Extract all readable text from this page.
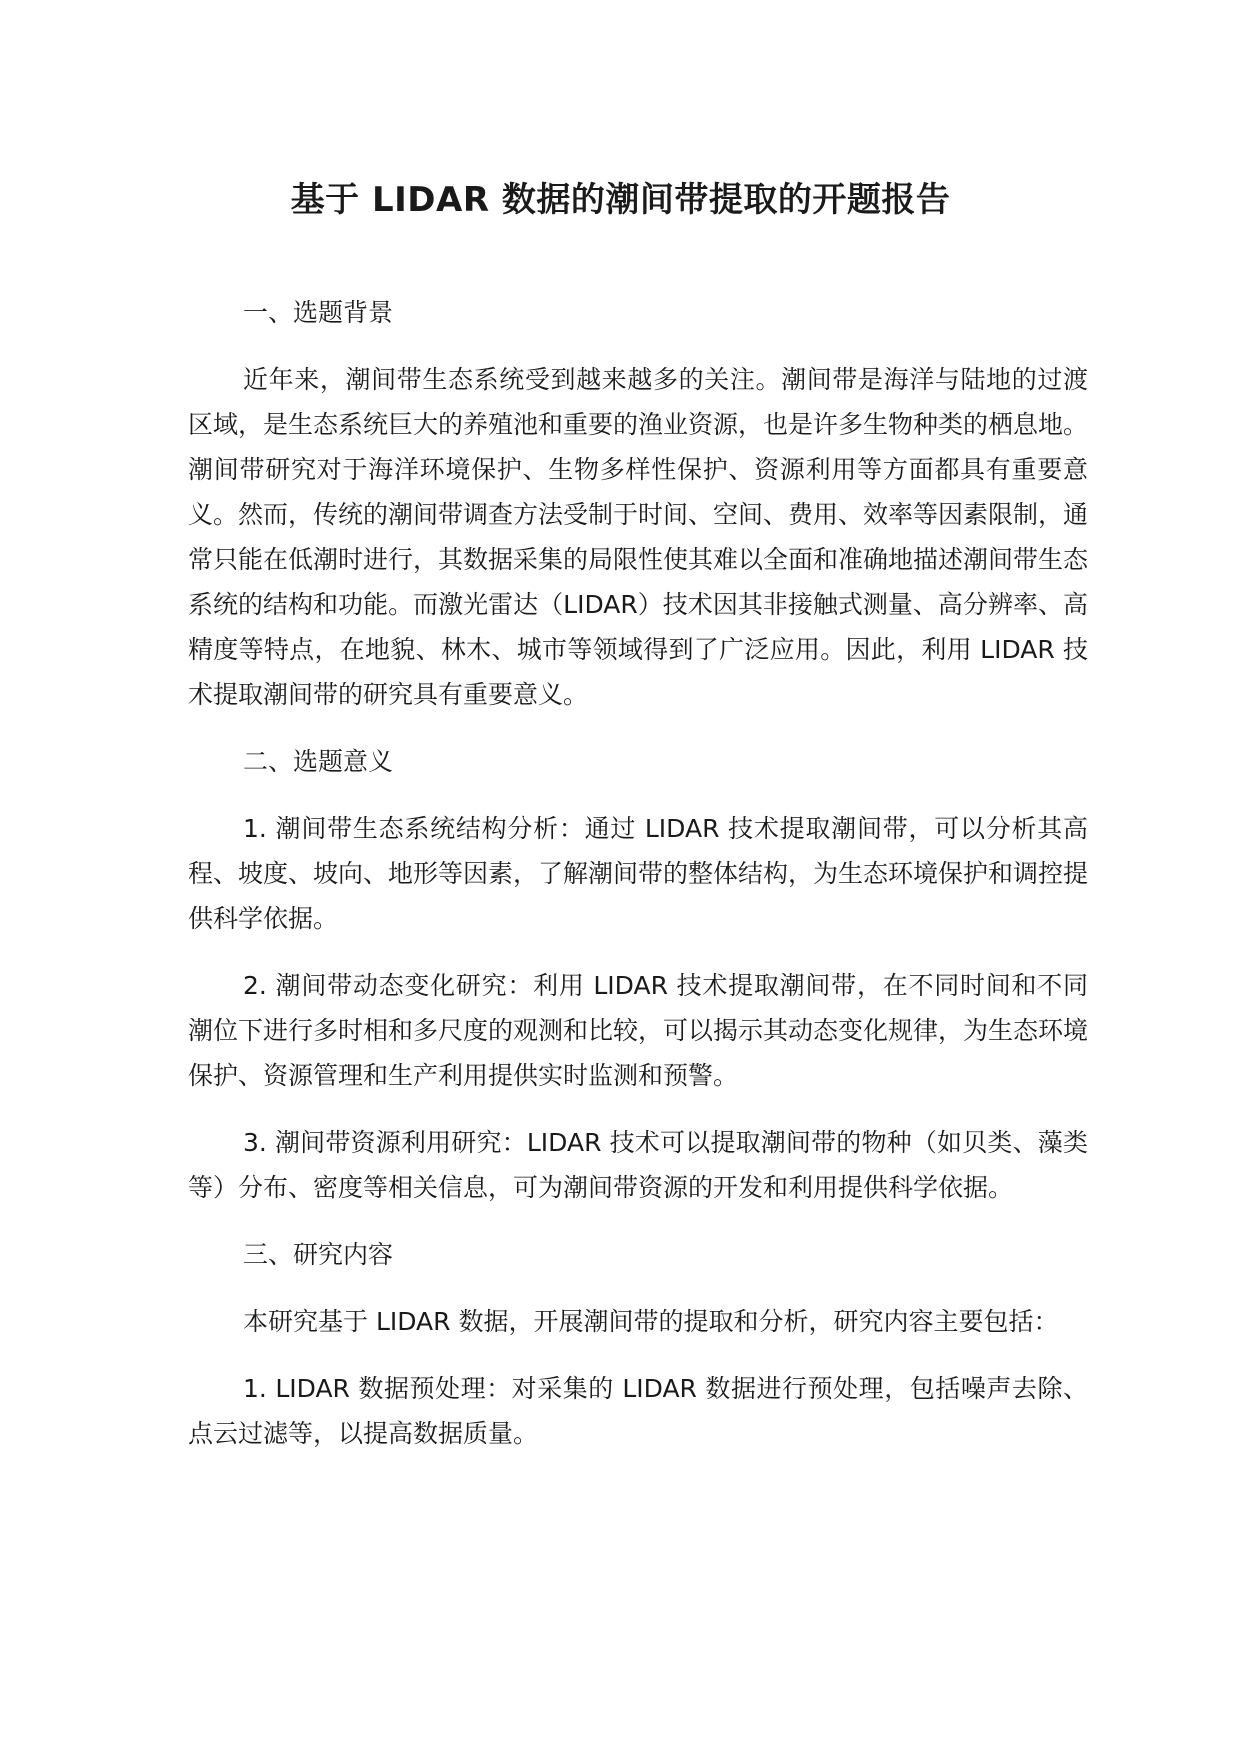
基于 LIDAR 数据的潮间带提取的开题报告

一、选题背景

近年来，潮间带生态系统受到越来越多的关注。潮间带是海洋与陆地的过渡区域，是生态系统巨大的养殖池和重要的渔业资源，也是许多生物种类的栖息地。潮间带研究对于海洋环境保护、生物多样性保护、资源利用等方面都具有重要意义。然而，传统的潮间带调查方法受制于时间、空间、费用、效率等因素限制，通常只能在低潮时进行，其数据采集的局限性使其难以全面和准确地描述潮间带生态系统的结构和功能。而激光雷达（LIDAR）技术因其非接触式测量、高分辨率、高精度等特点，在地貌、林木、城市等领域得到了广泛应用。因此，利用 LIDAR 技术提取潮间带的研究具有重要意义。

二、选题意义

1. 潮间带生态系统结构分析：通过 LIDAR 技术提取潮间带，可以分析其高程、坡度、坡向、地形等因素，了解潮间带的整体结构，为生态环境保护和调控提供科学依据。

2. 潮间带动态变化研究：利用 LIDAR 技术提取潮间带，在不同时间和不同潮位下进行多时相和多尺度的观测和比较，可以揭示其动态变化规律，为生态环境保护、资源管理和生产利用提供实时监测和预警。

3. 潮间带资源利用研究：LIDAR 技术可以提取潮间带的物种（如贝类、藻类等）分布、密度等相关信息，可为潮间带资源的开发和利用提供科学依据。

三、研究内容

本研究基于 LIDAR 数据，开展潮间带的提取和分析，研究内容主要包括：

1. LIDAR 数据预处理：对采集的 LIDAR 数据进行预处理，包括噪声去除、点云过滤等，以提高数据质量。
